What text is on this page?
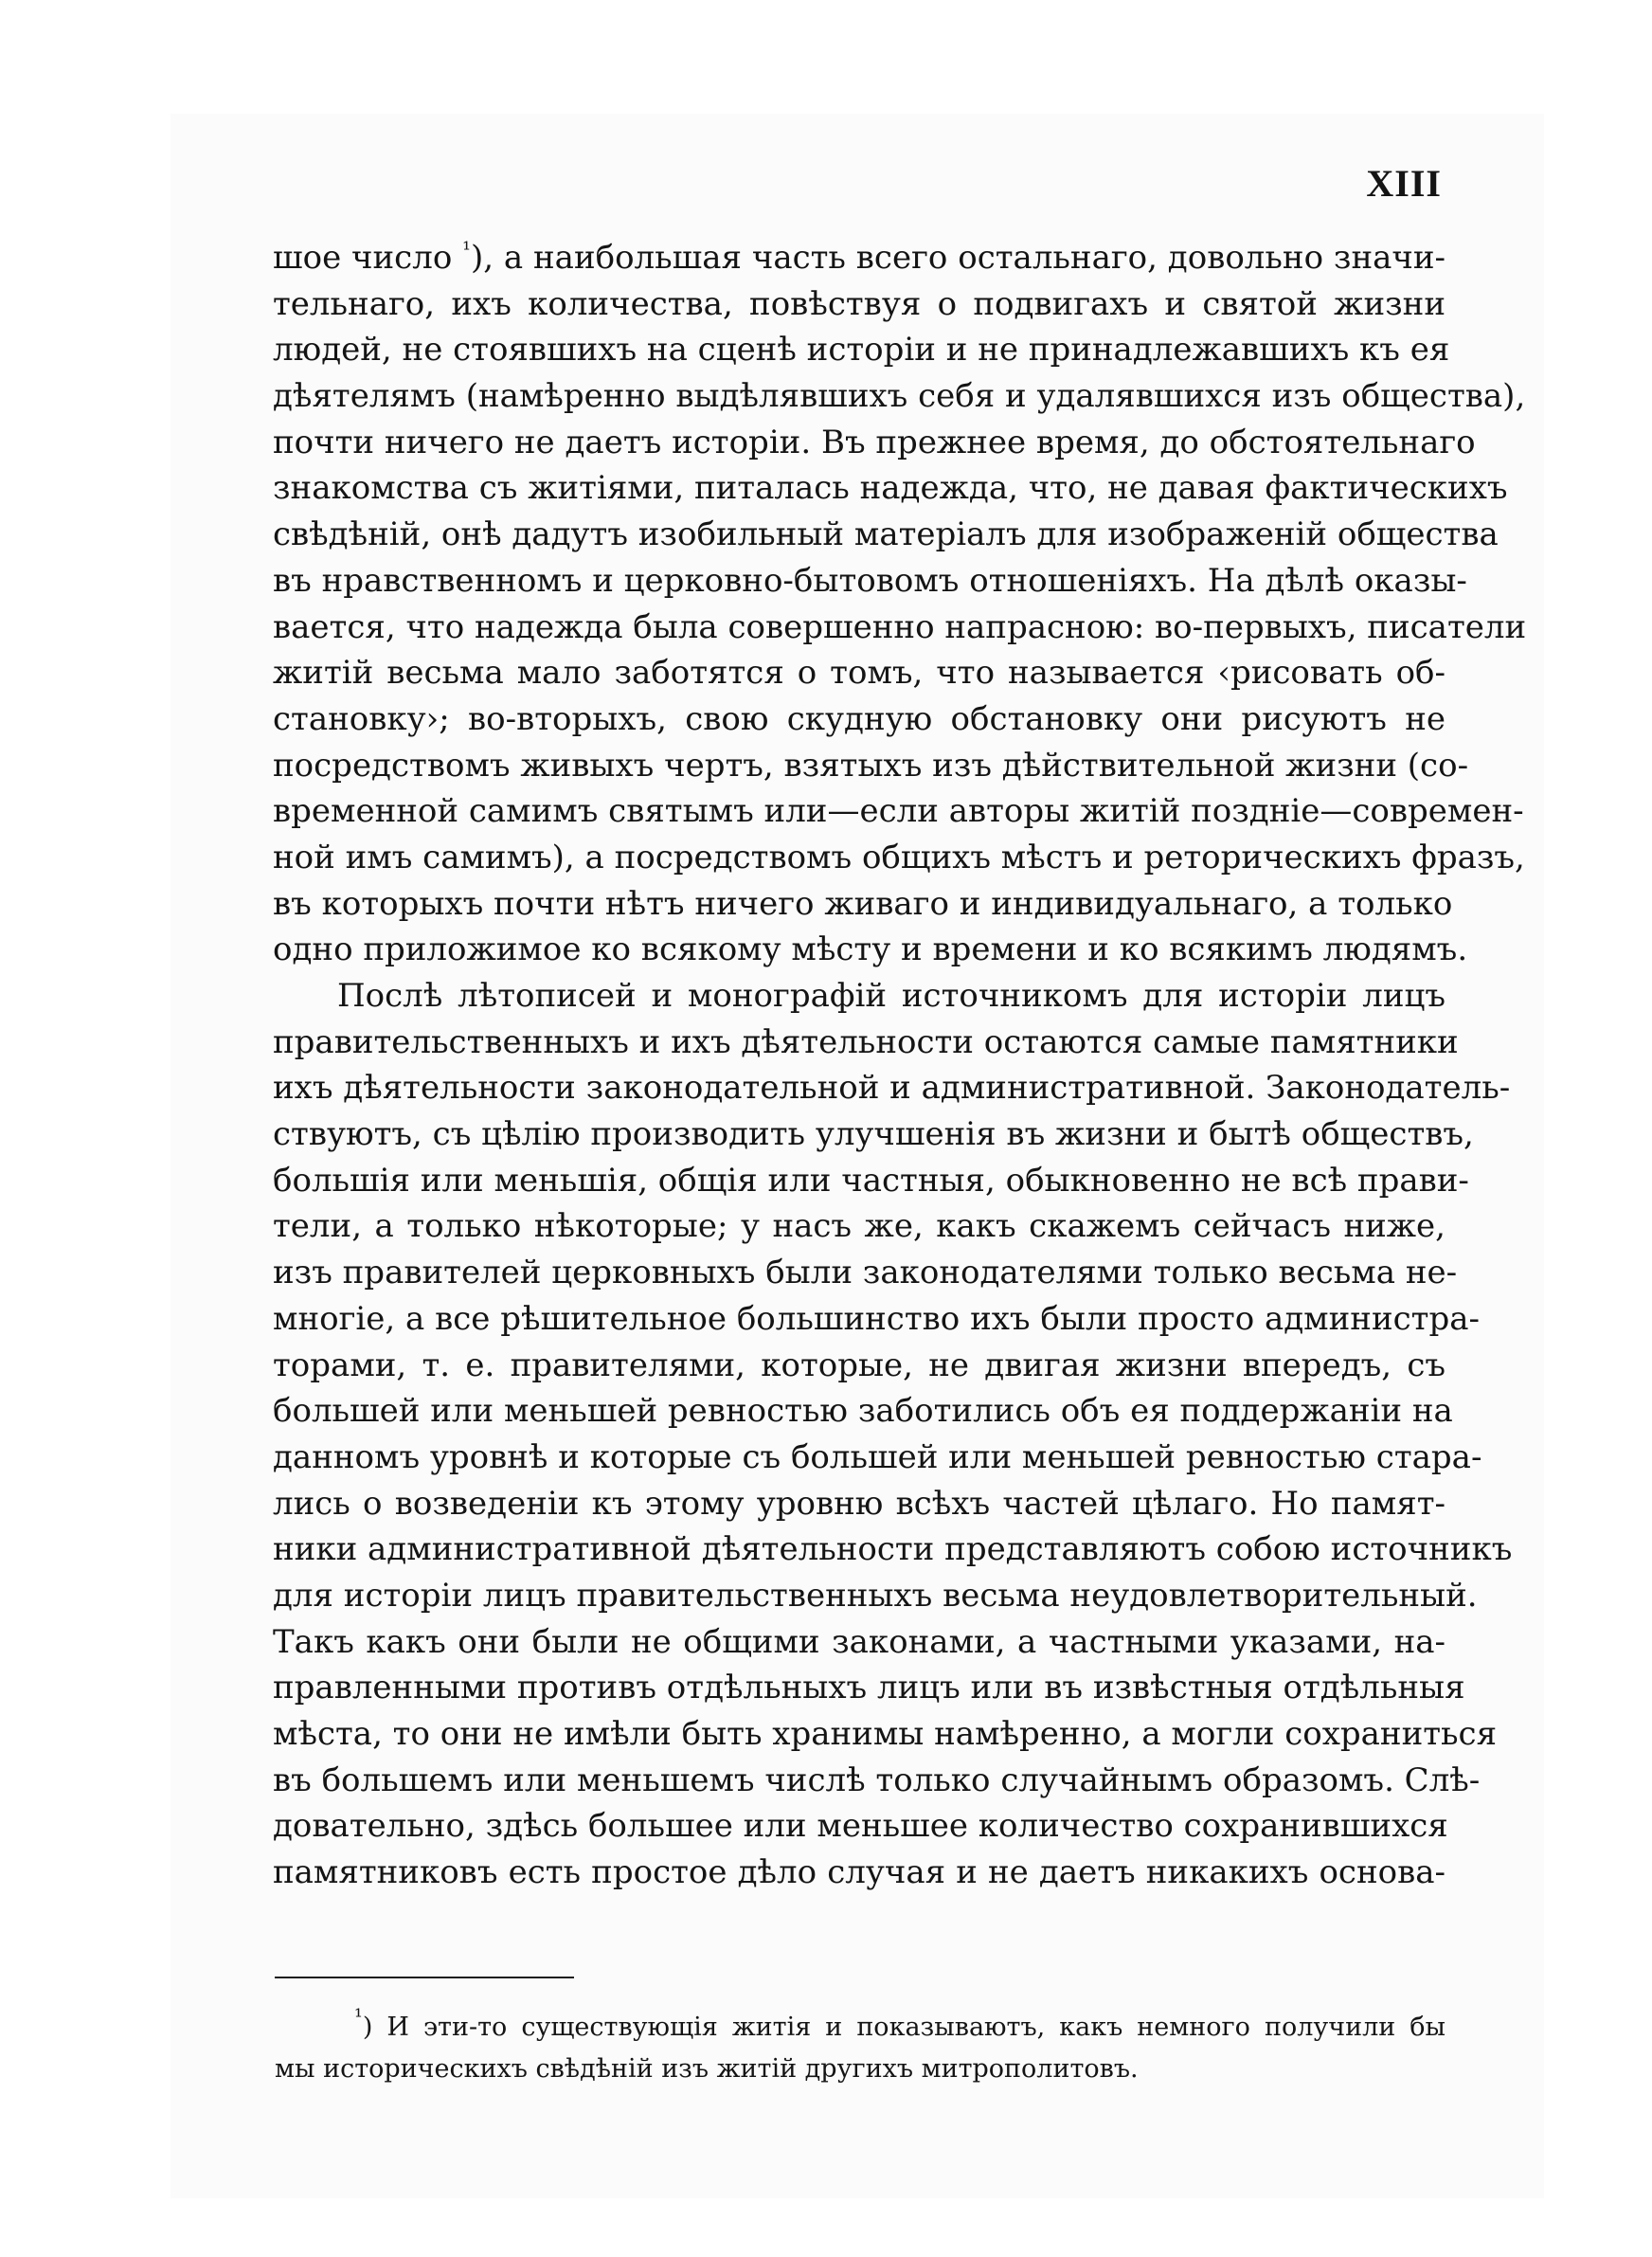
XIII
шое число $^{^1}$), а наибольшая часть всего остальнаго, довольно значи-
тельнаго, ихъ количества, повѣствуя о подвигахъ и святой жизни
людей, не стоявшихъ на сценѣ исторіи и не принадлежавшихъ къ ея
дѣятелямъ (намѣренно выдѣлявшихъ себя и удалявшихся изъ общества),
почти ничего не даетъ исторіи. Въ прежнее время, до обстоятельнаго
знакомства съ житіями, питалась надежда, что, не давая фактическихъ
свѣдѣній, онѣ дадутъ изобильный матеріалъ для изображеній общества
въ нравственномъ и церковно-бытовомъ отношеніяхъ. На дѣлѣ оказы-
вается, что надежда была совершенно напрасною: во-первыхъ, писатели
житій весьма мало заботятся о томъ, что называется ‹рисовать об-
становку›; во-вторыхъ, свою скудную обстановку они рисуютъ не
посредствомъ живыхъ чертъ, взятыхъ изъ дѣйствительной жизни (со-
временной самимъ святымъ или—если авторы житій поздніе—современ-
ной имъ самимъ), а посредствомъ общихъ мѣстъ и реторическихъ фразъ,
въ которыхъ почти нѣтъ ничего живаго и индивидуальнаго, а только
одно приложимое ко всякому мѣсту и времени и ко всякимъ людямъ.
Послѣ лѣтописей и монографій источникомъ для исторіи лицъ
правительственныхъ и ихъ дѣятельности остаются самые памятники
ихъ дѣятельности законодательной и административной. Законодатель-
ствуютъ, съ цѣлію производить улучшенія въ жизни и бытѣ обществъ,
большія или меньшія, общія или частныя, обыкновенно не всѣ прави-
тели, а только нѣкоторые; у насъ же, какъ скажемъ сейчасъ ниже,
изъ правителей церковныхъ были законодателями только весьма не-
многіе, а все рѣшительное большинство ихъ были просто администра-
торами, т. е. правителями, которые, не двигая жизни впередъ, съ
большей или меньшей ревностью заботились объ ея поддержаніи на
данномъ уровнѣ и которые съ большей или меньшей ревностью стара-
лись о возведеніи къ этому уровню всѣхъ частей цѣлаго. Но памят-
ники административной дѣятельности представляютъ собою источникъ
для исторіи лицъ правительственныхъ весьма неудовлетворительный.
Такъ какъ они были не общими законами, а частными указами, на-
правленными противъ отдѣльныхъ лицъ или въ извѣстныя отдѣльныя
мѣста, то они не имѣли быть хранимы намѣренно, а могли сохраниться
въ большемъ или меньшемъ числѣ только случайнымъ образомъ. Слѣ-
довательно, здѣсь большее или меньшее количество сохранившихся
памятниковъ есть простое дѣло случая и не даетъ никакихъ основа-
$^{^1}$) И эти-то существующія житія и показываютъ, какъ немного получили бы
мы историческихъ свѣдѣній изъ житій другихъ митрополитовъ.
